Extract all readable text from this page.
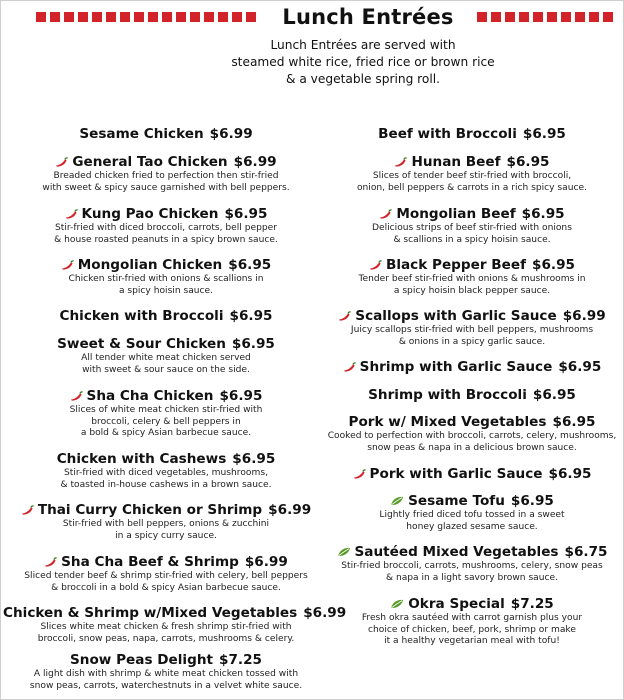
Lunch Entrées
Lunch Entrées are served with
steamed white rice, fried rice or brown rice
& a vegetable spring roll.
Sesame Chicken $6.99
General Tao Chicken $6.99
Breaded chicken fried to perfection then stir-fried
with sweet & spicy sauce garnished with bell peppers.
Kung Pao Chicken $6.95
Stir-fried with diced broccoli, carrots, bell pepper
& house roasted peanuts in a spicy brown sauce.
Mongolian Chicken $6.95
Chicken stir-fried with onions & scallions in
a spicy hoisin sauce.
Chicken with Broccoli $6.95
Sweet & Sour Chicken $6.95
All tender white meat chicken served
with sweet & sour sauce on the side.
Sha Cha Chicken $6.95
Slices of white meat chicken stir-fried with
broccoli, celery & bell peppers in
a bold & spicy Asian barbecue sauce.
Chicken with Cashews $6.95
Stir-fried with diced vegetables, mushrooms,
& toasted in-house cashews in a brown sauce.
Thai Curry Chicken or Shrimp $6.99
Stir-fried with bell peppers, onions & zucchini
in a spicy curry sauce.
Sha Cha Beef & Shrimp $6.99
Sliced tender beef & shrimp stir-fried with celery, bell peppers
& broccoli in a bold & spicy Asian barbecue sauce.
Chicken & Shrimp w/Mixed Vegetables $6.99
Slices white meat chicken & fresh shrimp stir-fried with
broccoli, snow peas, napa, carrots, mushrooms & celery.
Snow Peas Delight $7.25
A light dish with shrimp & white meat chicken tossed with
snow peas, carrots, waterchestnuts in a velvet white sauce.
Beef with Broccoli $6.95
Hunan Beef $6.95
Slices of tender beef stir-fried with broccoli,
onion, bell peppers & carrots in a rich spicy sauce.
Mongolian Beef $6.95
Delicious strips of beef stir-fried with onions
& scallions in a spicy hoisin sauce.
Black Pepper Beef $6.95
Tender beef stir-fried with onions & mushrooms in
a spicy hoisin black pepper sauce.
Scallops with Garlic Sauce $6.99
Juicy scallops stir-fried with bell peppers, mushrooms
& onions in a spicy garlic sauce.
Shrimp with Garlic Sauce $6.95
Shrimp with Broccoli $6.95
Pork w/ Mixed Vegetables $6.95
Cooked to perfection with broccoli, carrots, celery, mushrooms,
snow peas & napa in a delicious brown sauce.
Pork with Garlic Sauce $6.95
Sesame Tofu $6.95
Lightly fried diced tofu tossed in a sweet
honey glazed sesame sauce.
Sautéed Mixed Vegetables $6.75
Stir-fried broccoli, carrots, mushrooms, celery, snow peas
& napa in a light savory brown sauce.
Okra Special $7.25
Fresh okra sautéed with carrot garnish plus your
choice of chicken, beef, pork, shrimp or make
it a healthy vegetarian meal with tofu!
